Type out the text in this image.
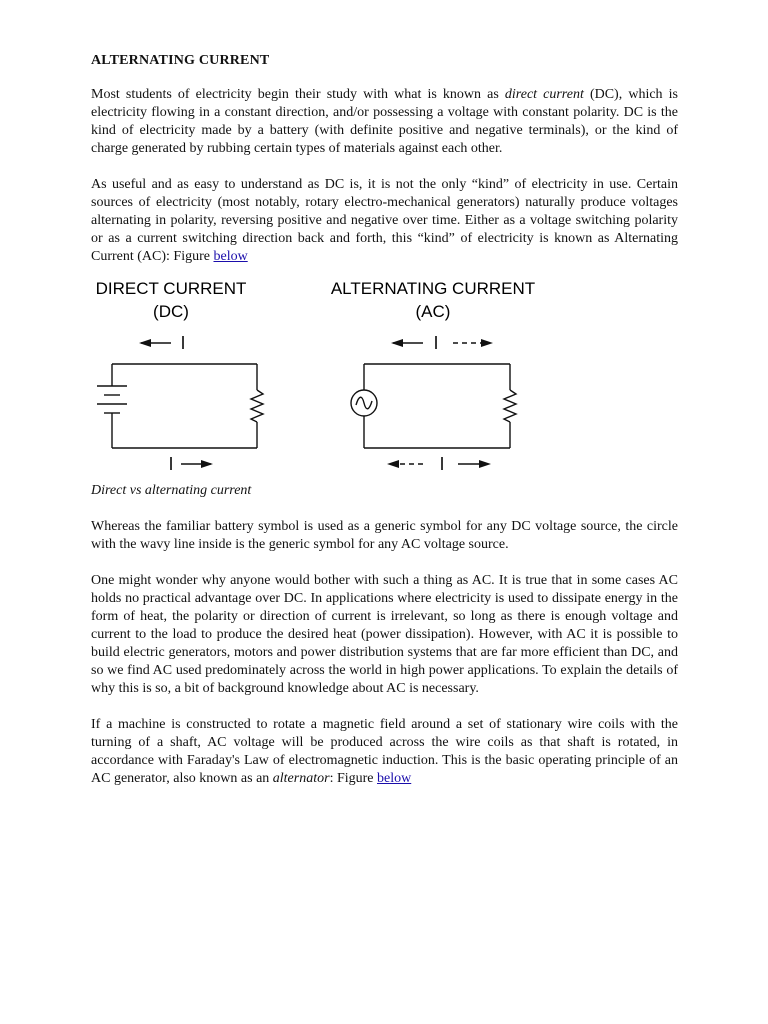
ALTERNATING CURRENT

Most students of electricity begin their study with what is known as direct current (DC), which is electricity flowing in a constant direction, and/or possessing a voltage with constant polarity. DC is the kind of electricity made by a battery (with definite positive and negative terminals), or the kind of charge generated by rubbing certain types of materials against each other.

As useful and as easy to understand as DC is, it is not the only “kind” of electricity in use. Certain sources of electricity (most notably, rotary electro-mechanical generators) naturally produce voltages alternating in polarity, reversing positive and negative over time. Either as a voltage switching polarity or as a current switching direction back and forth, this “kind” of electricity is known as Alternating Current (AC): Figure below

DIRECT CURRENT
(DC)
ALTERNATING CURRENT
(AC)
I
I
I
I
Direct vs alternating current

Whereas the familiar battery symbol is used as a generic symbol for any DC voltage source, the circle with the wavy line inside is the generic symbol for any AC voltage source.

One might wonder why anyone would bother with such a thing as AC. It is true that in some cases AC holds no practical advantage over DC. In applications where electricity is used to dissipate energy in the form of heat, the polarity or direction of current is irrelevant, so long as there is enough voltage and current to the load to produce the desired heat (power dissipation). However, with AC it is possible to build electric generators, motors and power distribution systems that are far more efficient than DC, and so we find AC used predominately across the world in high power applications. To explain the details of why this is so, a bit of background knowledge about AC is necessary.

If a machine is constructed to rotate a magnetic field around a set of stationary wire coils with the turning of a shaft, AC voltage will be produced across the wire coils as that shaft is rotated, in accordance with Faraday's Law of electromagnetic induction. This is the basic operating principle of an AC generator, also known as an alternator: Figure below
